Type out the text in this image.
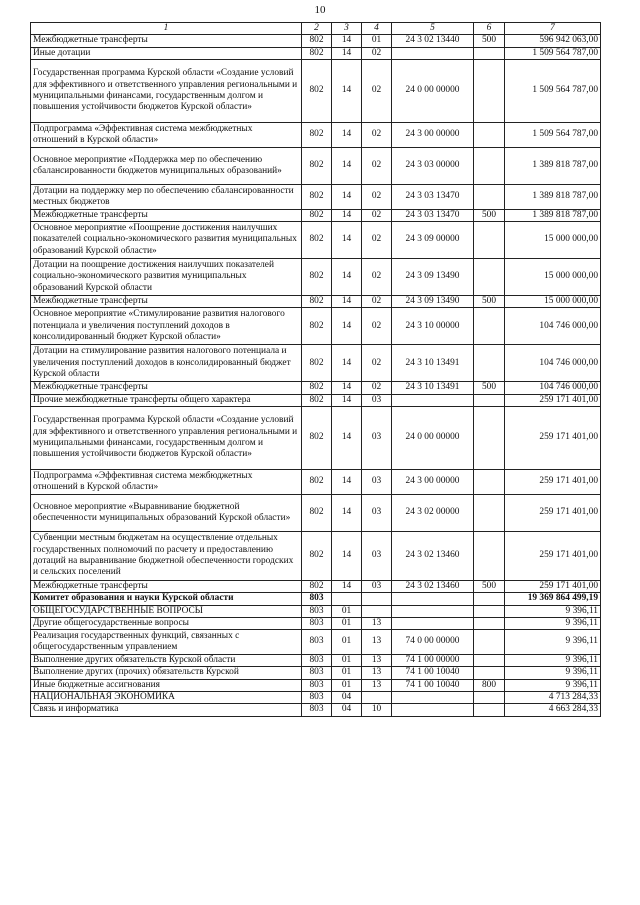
10
1	2	3	4	5	6	7
Межбюджетные трансферты	802	14	01	24 3 02 13440	500	596 942 063,00
Иные дотации	802	14	02			1 509 564 787,00
Государственная программа Курской области «Создание условий для эффективного и ответственного управления региональными и муниципальными финансами, государственным долгом и повышения устойчивости бюджетов Курской области»	802	14	02	24 0 00 00000		1 509 564 787,00
Подпрограмма «Эффективная система межбюджетных отношений в Курской области»	802	14	02	24 3 00 00000		1 509 564 787,00
Основное мероприятие «Поддержка мер по обеспечению сбалансированности бюджетов муниципальных образований»	802	14	02	24 3 03 00000		1 389 818 787,00
Дотации на поддержку мер по обеспечению сбалансированности местных бюджетов	802	14	02	24 3 03 13470		1 389 818 787,00
Межбюджетные трансферты	802	14	02	24 3 03 13470	500	1 389 818 787,00
Основное мероприятие «Поощрение достижения наилучших показателей социально-экономического развития муниципальных образований Курской области»	802	14	02	24 3 09 00000		15 000 000,00
Дотации на поощрение достижения наилучших показателей социально-экономического развития муниципальных образований Курской области	802	14	02	24 3 09 13490		15 000 000,00
Межбюджетные трансферты	802	14	02	24 3 09 13490	500	15 000 000,00
Основное мероприятие «Стимулирование развития налогового потенциала и увеличения поступлений доходов в консолидированный бюджет Курской области»	802	14	02	24 3 10 00000		104 746 000,00
Дотации на стимулирование развития налогового потенциала и увеличения поступлений доходов в консолидированный бюджет Курской области	802	14	02	24 3 10 13491		104 746 000,00
Межбюджетные трансферты	802	14	02	24 3 10 13491	500	104 746 000,00
Прочие межбюджетные трансферты общего характера	802	14	03			259 171 401,00
Государственная программа Курской области «Создание условий для эффективного и ответственного управления региональными и муниципальными финансами, государственным долгом и повышения устойчивости бюджетов Курской области»	802	14	03	24 0 00 00000		259 171 401,00
Подпрограмма «Эффективная система межбюджетных отношений в Курской области»	802	14	03	24 3 00 00000		259 171 401,00
Основное мероприятие «Выравнивание бюджетной обеспеченности муниципальных образований Курской области»	802	14	03	24 3 02 00000		259 171 401,00
Субвенции местным бюджетам на осуществление отдельных государственных полномочий по расчету и предоставлению дотаций на выравнивание бюджетной обеспеченности городских и сельских поселений	802	14	03	24 3 02 13460		259 171 401,00
Межбюджетные трансферты	802	14	03	24 3 02 13460	500	259 171 401,00
Комитет образования и науки Курской области	803					19 369 864 499,19
ОБЩЕГОСУДАРСТВЕННЫЕ ВОПРОСЫ	803	01				9 396,11
Другие общегосударственные вопросы	803	01	13			9 396,11
Реализация государственных функций, связанных с общегосударственным управлением	803	01	13	74 0 00 00000		9 396,11
Выполнение других обязательств Курской области	803	01	13	74 1 00 00000		9 396,11
Выполнение других (прочих) обязательств Курской	803	01	13	74 1 00 10040		9 396,11
Иные бюджетные ассигнования	803	01	13	74 1 00 10040	800	9 396,11
НАЦИОНАЛЬНАЯ ЭКОНОМИКА	803	04				4 713 284,33
Связь и информатика	803	04	10			4 663 284,33
